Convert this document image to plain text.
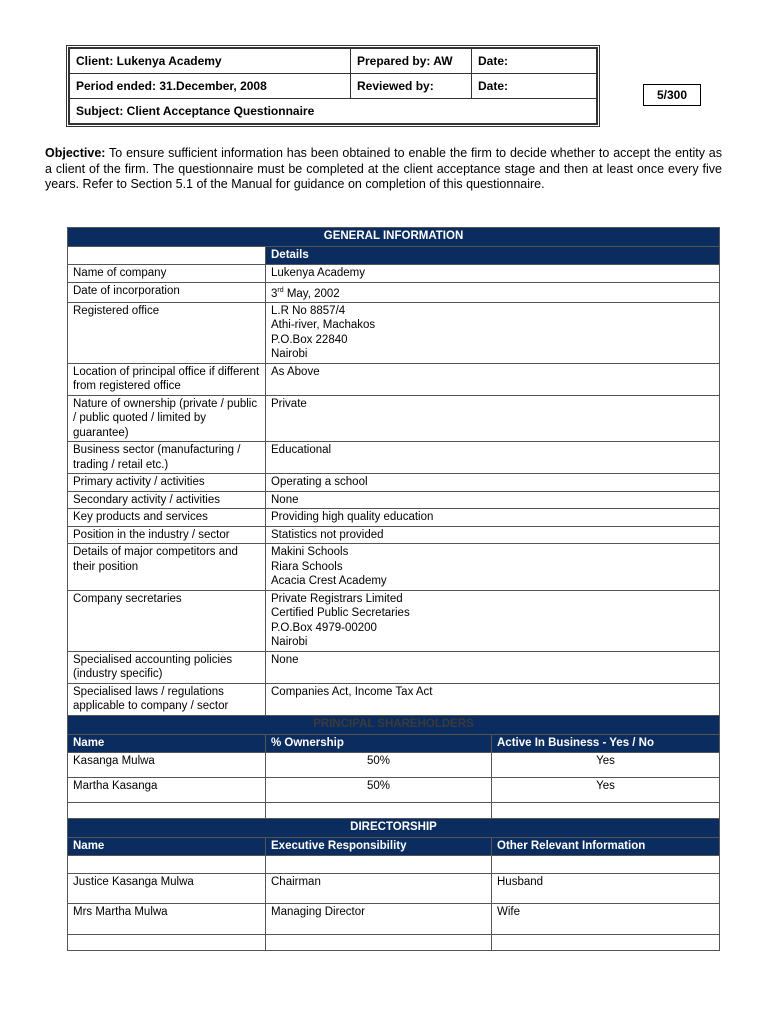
Client: Lukenya Academy	Prepared by: AW	Date:
Period ended: 31.December, 2008	Reviewed by:	Date:
Subject: Client Acceptance Questionnaire		
5/300

Objective: To ensure sufficient information has been obtained to enable the firm to decide whether to accept the entity as a client of the firm. The questionnaire must be completed at the client acceptance stage and then at least once every five years. Refer to Section 5.1 of the Manual for guidance on completion of this questionnaire.

GENERAL INFORMATION		
	Details	
Name of company	Lukenya Academy	
Date of incorporation	3rd May, 2002	
Registered office	L.R No 8857/4
Athi-river, Machakos
P.O.Box 22840
Nairobi	
Location of principal office if different from registered office	As Above	
Nature of ownership (private / public / public quoted / limited by guarantee)	Private	
Business sector (manufacturing / trading / retail etc.)	Educational	
Primary activity / activities	Operating a school	
Secondary activity / activities	None	
Key products and services	Providing high quality education	
Position in the industry / sector	Statistics not provided	
Details of major competitors and their position	Makini Schools
Riara Schools
Acacia Crest Academy	
Company secretaries	Private Registrars Limited
Certified Public Secretaries
P.O.Box 4979-00200
Nairobi	
Specialised accounting policies (industry specific)	None	
Specialised laws / regulations applicable to company / sector	Companies Act, Income Tax Act	
PRINCIPAL SHAREHOLDERS		
Name	% Ownership	Active In Business - Yes / No
Kasanga Mulwa	50%	Yes
Martha Kasanga	50%	Yes

DIRECTORSHIP		
Name	Executive Responsibility	Other Relevant Information

Justice Kasanga Mulwa	Chairman	Husband
Mrs Martha Mulwa	Managing Director	Wife
